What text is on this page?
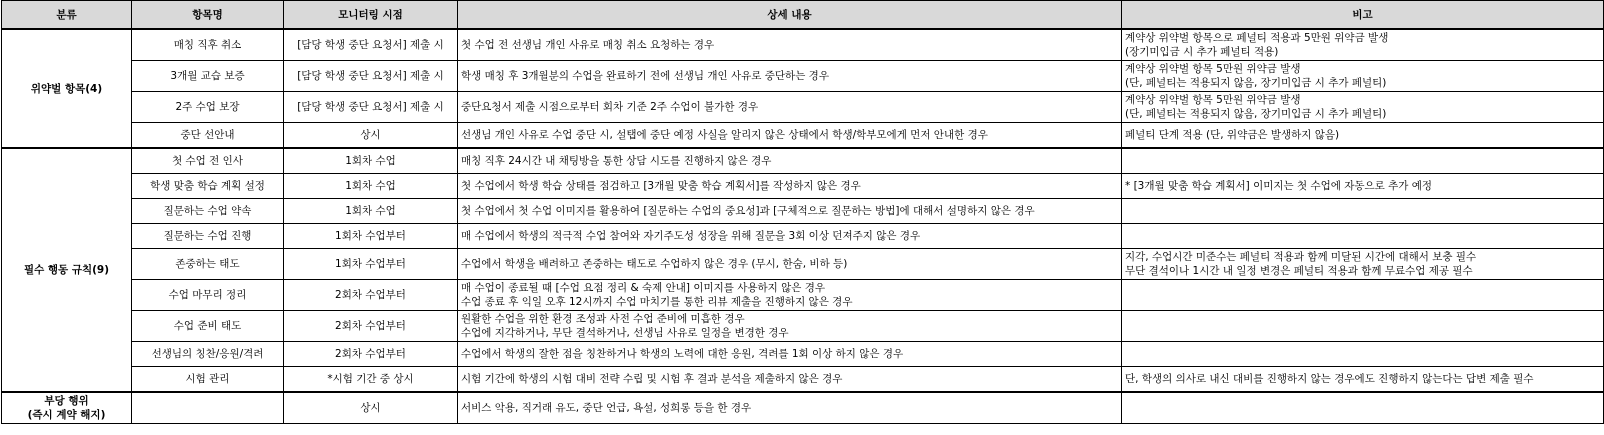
분류	항목명	모니터링 시점	상세 내용	비고

위약벌 항목(4)	매칭 직후 취소	[담당 학생 중단 요청서] 제출 시	첫 수업 전 선생님 개인 사유로 매칭 취소 요청하는 경우	계약상 위약벌 항목으로 페널티 적용과 5만원 위약금 발생
(장기미입금 시 추가 페널티 적용)

	3개월 교습 보증	[담당 학생 중단 요청서] 제출 시	학생 매칭 후 3개월분의 수업을 완료하기 전에 선생님 개인 사유로 중단하는 경우	계약상 위약벌 항목 5만원 위약금 발생
(단, 페널티는 적용되지 않음, 장기미입금 시 추가 페널티)

	2주 수업 보장	[담당 학생 중단 요청서] 제출 시	중단요청서 제출 시점으로부터 회차 기준 2주 수업이 불가한 경우	계약상 위약벌 항목 5만원 위약금 발생
(단, 페널티는 적용되지 않음, 장기미입금 시 추가 페널티)

	중단 선안내	상시	선생님 개인 사유로 수업 중단 시, 설탭에 중단 예정 사실을 알리지 않은 상태에서 학생/학부모에게 먼저 안내한 경우	페널티 단계 적용 (단, 위약금은 발생하지 않음)

필수 행동 규칙(9)	첫 수업 전 인사	1회차 수업	매칭 직후 24시간 내 채팅방을 통한 상담 시도를 진행하지 않은 경우	

	학생 맞춤 학습 계획 설정	1회차 수업	첫 수업에서 학생 학습 상태를 점검하고 [3개월 맞춤 학습 계획서]를 작성하지 않은 경우	* [3개월 맞춤 학습 계획서] 이미지는 첫 수업에 자동으로 추가 예정

	질문하는 수업 약속	1회차 수업	첫 수업에서 첫 수업 이미지를 활용하여 [질문하는 수업의 중요성]과 [구체적으로 질문하는 방법]에 대해서 설명하지 않은 경우	

	질문하는 수업 진행	1회차 수업부터	매 수업에서 학생의 적극적 수업 참여와 자기주도성 성장을 위해 질문을 3회 이상 던져주지 않은 경우	

	존중하는 태도	1회차 수업부터	수업에서 학생을 배려하고 존중하는 태도로 수업하지 않은 경우 (무시, 한숨, 비하 등)	지각, 수업시간 미준수는 페널티 적용과 함께 미달된 시간에 대해서 보충 필수
무단 결석이나 1시간 내 일정 변경은 페널티 적용과 함께 무료수업 제공 필수

	수업 마무리 정리	2회차 수업부터	매 수업이 종료될 때 [수업 요점 정리 & 숙제 안내] 이미지를 사용하지 않은 경우
수업 종료 후 익일 오후 12시까지 수업 마치기를 통한 리뷰 제출을 진행하지 않은 경우	

	수업 준비 태도	2회차 수업부터	원활한 수업을 위한 환경 조성과 사전 수업 준비에 미흡한 경우
수업에 지각하거나, 무단 결석하거나, 선생님 사유로 일정을 변경한 경우	

	선생님의 칭찬/응원/격려	2회차 수업부터	수업에서 학생의 잘한 점을 칭찬하거나 학생의 노력에 대한 응원, 격려를 1회 이상 하지 않은 경우	

	시험 관리	*시험 기간 중 상시	시험 기간에 학생의 시험 대비 전략 수립 및 시험 후 결과 분석을 제출하지 않은 경우	단, 학생의 의사로 내신 대비를 진행하지 않는 경우에도 진행하지 않는다는 답변 제출 필수

부당 행위
(즉시 계약 해지)		상시	서비스 악용, 직거래 유도, 중단 언급, 욕설, 성희롱 등을 한 경우	
